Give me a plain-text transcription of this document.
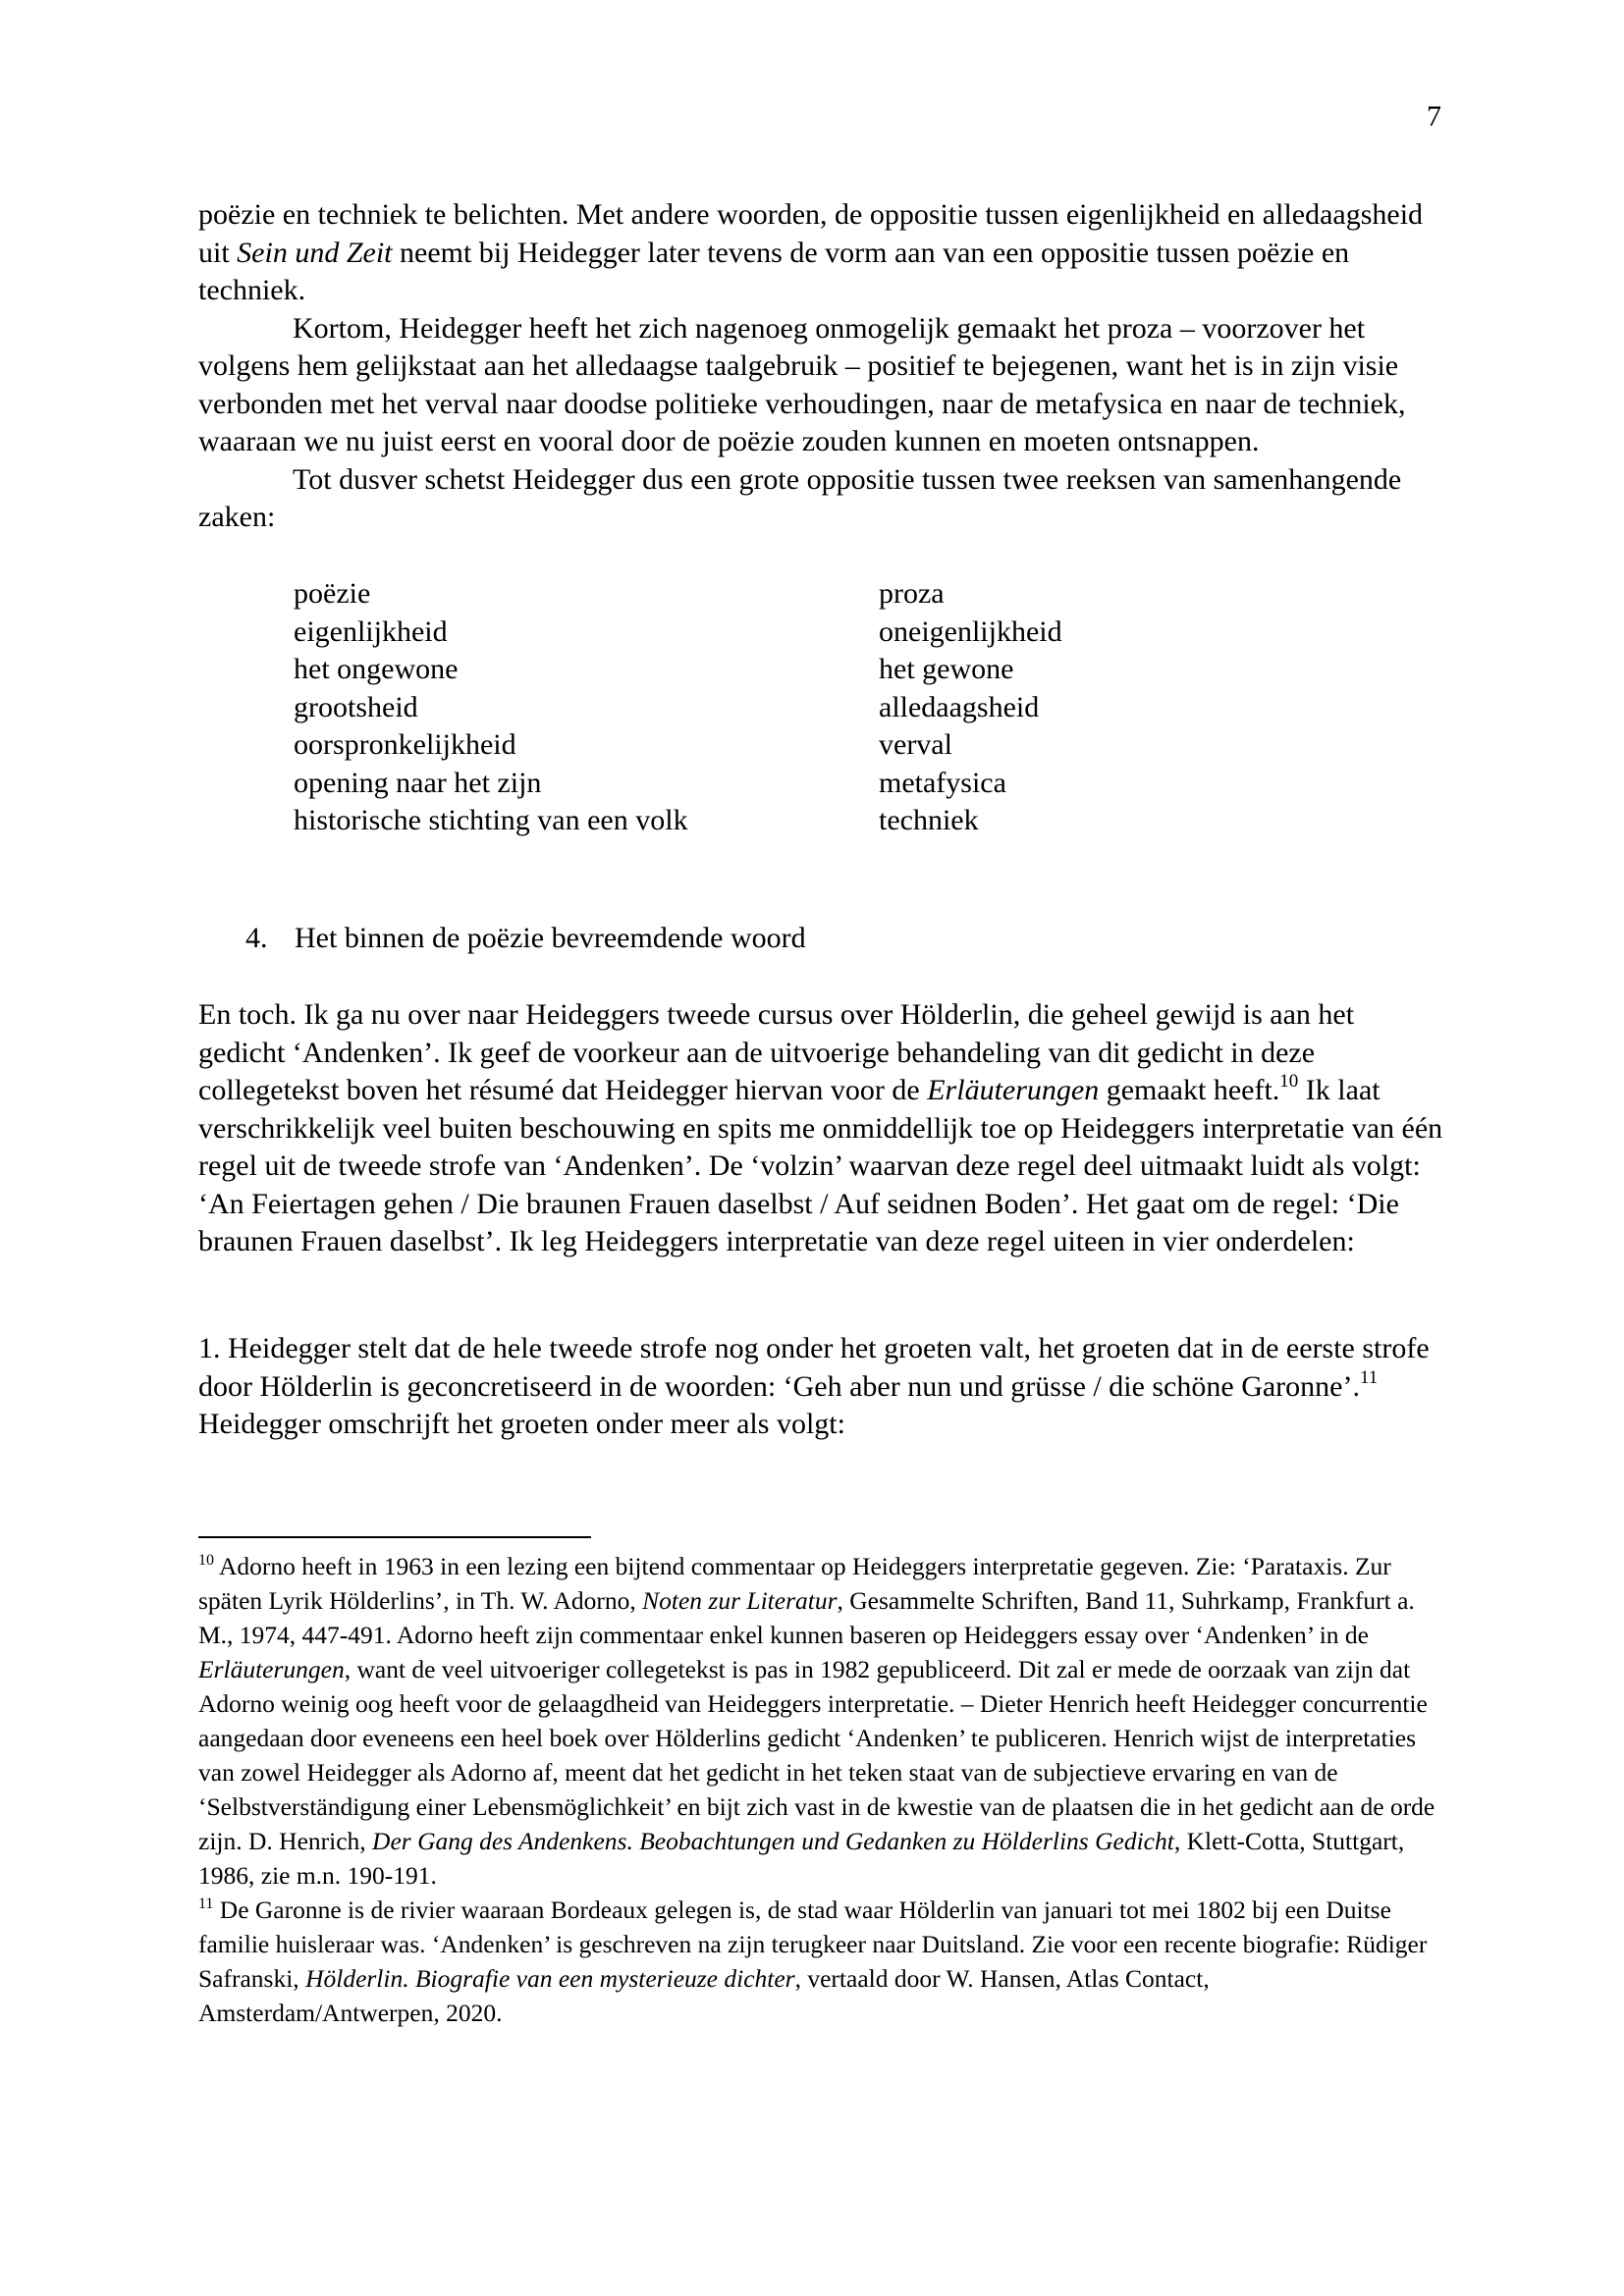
7

poëzie en techniek te belichten. Met andere woorden, de oppositie tussen eigenlijkheid en alledaagsheid uit Sein und Zeit neemt bij Heidegger later tevens de vorm aan van een oppositie tussen poëzie en techniek.

Kortom, Heidegger heeft het zich nagenoeg onmogelijk gemaakt het proza – voorzover het volgens hem gelijkstaat aan het alledaagse taalgebruik – positief te bejegenen, want het is in zijn visie verbonden met het verval naar doodse politieke verhoudingen, naar de metafysica en naar de techniek, waaraan we nu juist eerst en vooral door de poëzie zouden kunnen en moeten ontsnappen.

Tot dusver schetst Heidegger dus een grote oppositie tussen twee reeksen van samenhangende zaken:

poëzie	proza
eigenlijkheid	oneigenlijkheid
het ongewone	het gewone
grootsheid	alledaagsheid
oorspronkelijkheid	verval
opening naar het zijn	metafysica
historische stichting van een volk	techniek
4. Het binnen de poëzie bevreemdende woord

En toch. Ik ga nu over naar Heideggers tweede cursus over Hölderlin, die geheel gewijd is aan het gedicht ‘Andenken’. Ik geef de voorkeur aan de uitvoerige behandeling van dit gedicht in deze collegetekst boven het résumé dat Heidegger hiervan voor de Erläuterungen gemaakt heeft.$^{10}$ Ik laat verschrikkelijk veel buiten beschouwing en spits me onmiddellijk toe op Heideggers interpretatie van één regel uit de tweede strofe van ‘Andenken’. De ‘volzin’ waarvan deze regel deel uitmaakt luidt als volgt: ‘An Feiertagen gehen / Die braunen Frauen daselbst / Auf seidnen Boden’. Het gaat om de regel: ‘Die braunen Frauen daselbst’. Ik leg Heideggers interpretatie van deze regel uiteen in vier onderdelen:

1. Heidegger stelt dat de hele tweede strofe nog onder het groeten valt, het groeten dat in de eerste strofe door Hölderlin is geconcretiseerd in de woorden: ‘Geh aber nun und grüsse / die schöne Garonne’.$^{11}$ Heidegger omschrijft het groeten onder meer als volgt:

$^{10}$ Adorno heeft in 1963 in een lezing een bijtend commentaar op Heideggers interpretatie gegeven. Zie: ‘Parataxis. Zur späten Lyrik Hölderlins’, in Th. W. Adorno, Noten zur Literatur, Gesammelte Schriften, Band 11, Suhrkamp, Frankfurt a. M., 1974, 447-491. Adorno heeft zijn commentaar enkel kunnen baseren op Heideggers essay over ‘Andenken’ in de Erläuterungen, want de veel uitvoeriger collegetekst is pas in 1982 gepubliceerd. Dit zal er mede de oorzaak van zijn dat Adorno weinig oog heeft voor de gelaagdheid van Heideggers interpretatie. – Dieter Henrich heeft Heidegger concurrentie aangedaan door eveneens een heel boek over Hölderlins gedicht ‘Andenken’ te publiceren. Henrich wijst de interpretaties van zowel Heidegger als Adorno af, meent dat het gedicht in het teken staat van de subjectieve ervaring en van de ‘Selbstverständigung einer Lebensmöglichkeit’ en bijt zich vast in de kwestie van de plaatsen die in het gedicht aan de orde zijn. D. Henrich, Der Gang des Andenkens. Beobachtungen und Gedanken zu Hölderlins Gedicht, Klett-Cotta, Stuttgart, 1986, zie m.n. 190-191.

$^{11}$ De Garonne is de rivier waaraan Bordeaux gelegen is, de stad waar Hölderlin van januari tot mei 1802 bij een Duitse familie huisleraar was. ‘Andenken’ is geschreven na zijn terugkeer naar Duitsland. Zie voor een recente biografie: Rüdiger Safranski, Hölderlin. Biografie van een mysterieuze dichter, vertaald door W. Hansen, Atlas Contact, Amsterdam/Antwerpen, 2020.
